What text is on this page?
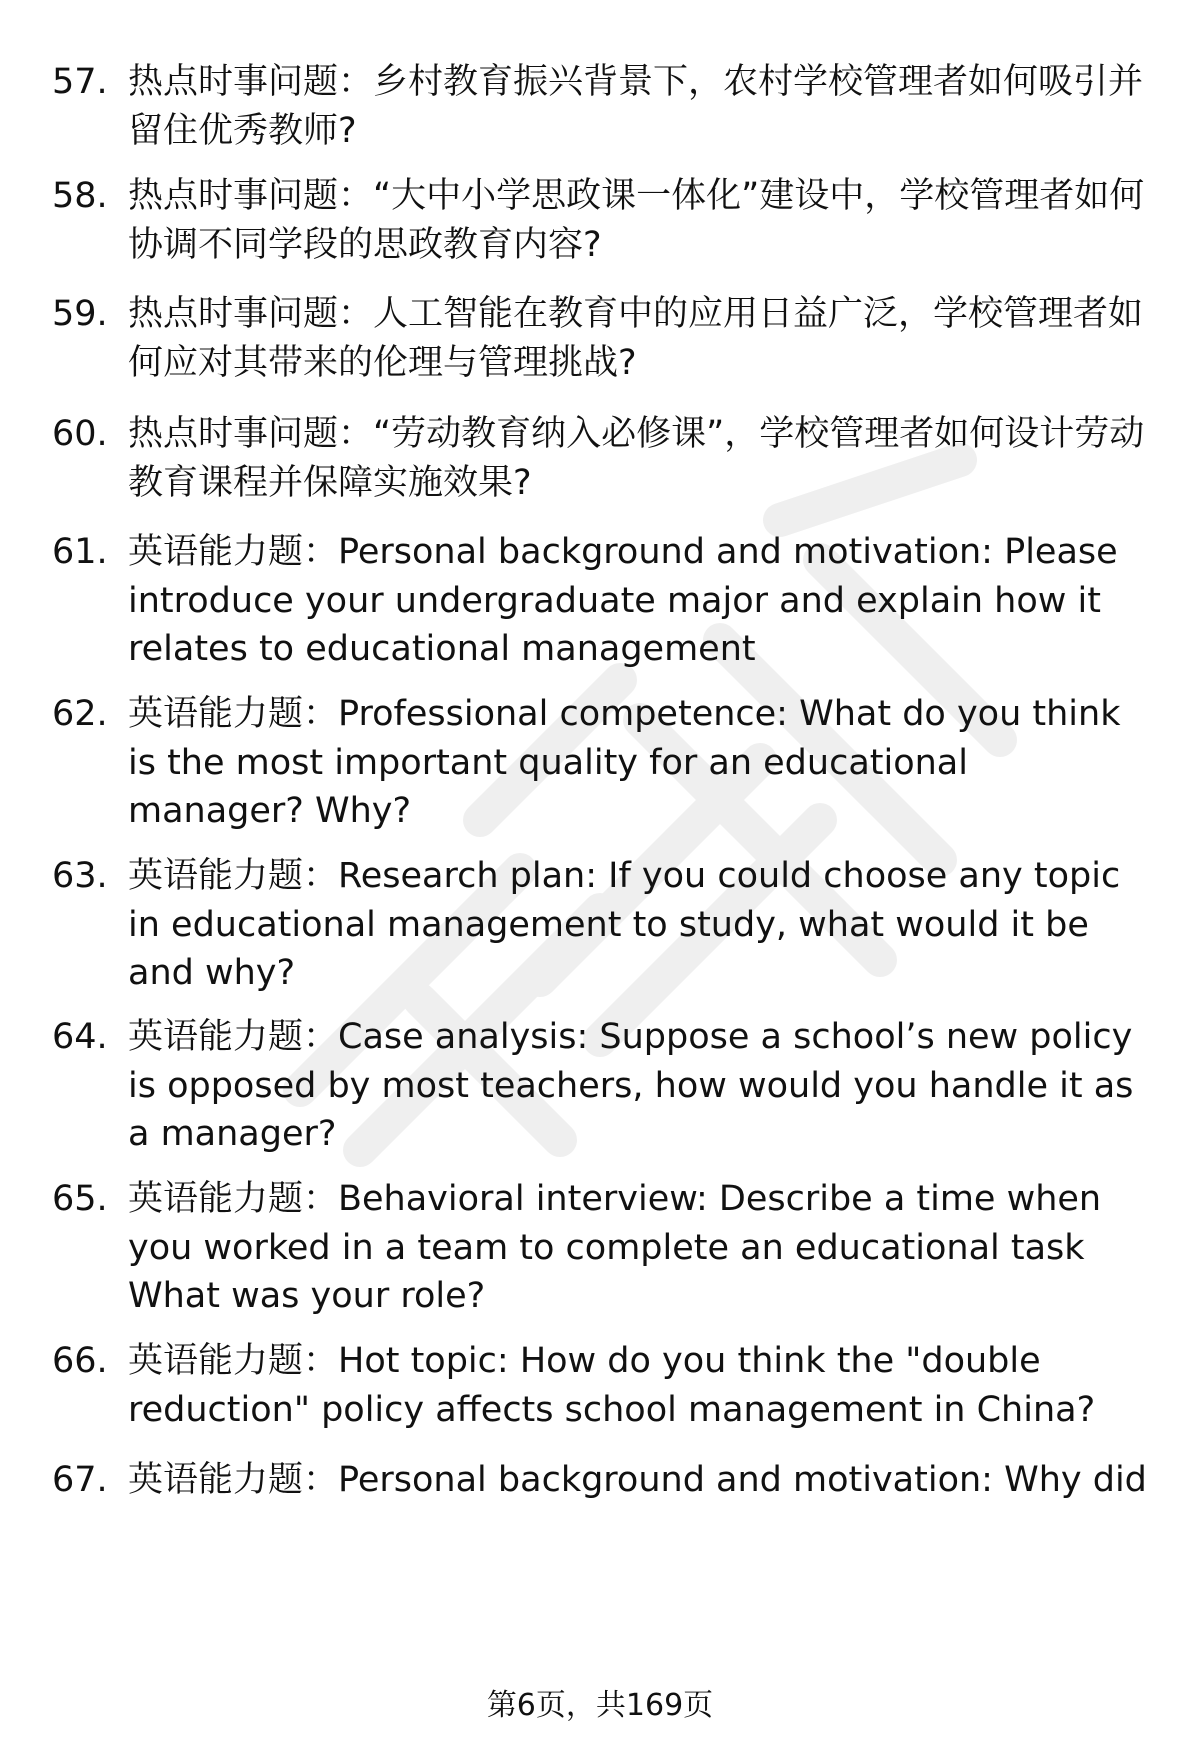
57. 热点时事问题：乡村教育振兴背景下，农村学校管理者如何吸引并留住优秀教师?
58. 热点时事问题：“大中小学思政课一体化”建设中，学校管理者如何协调不同学段的思政教育内容?
59. 热点时事问题：人工智能在教育中的应用日益广泛，学校管理者如何应对其带来的伦理与管理挑战?
60. 热点时事问题：“劳动教育纳入必修课”，学校管理者如何设计劳动教育课程并保障实施效果?
61. 英语能力题：Personal background and motivation: Please introduce your undergraduate major and explain how it relates to educational management
62. 英语能力题：Professional competence: What do you think is the most important quality for an educational manager? Why?
63. 英语能力题：Research plan: If you could choose any topic in educational management to study, what would it be and why?
64. 英语能力题：Case analysis: Suppose a school’s new policy is opposed by most teachers, how would you handle it as a manager?
65. 英语能力题：Behavioral interview: Describe a time when you worked in a team to complete an educational task What was your role?
66. 英语能力题：Hot topic: How do you think the "double reduction" policy affects school management in China?
67. 英语能力题：Personal background and motivation: Why did
第6页，共169页
